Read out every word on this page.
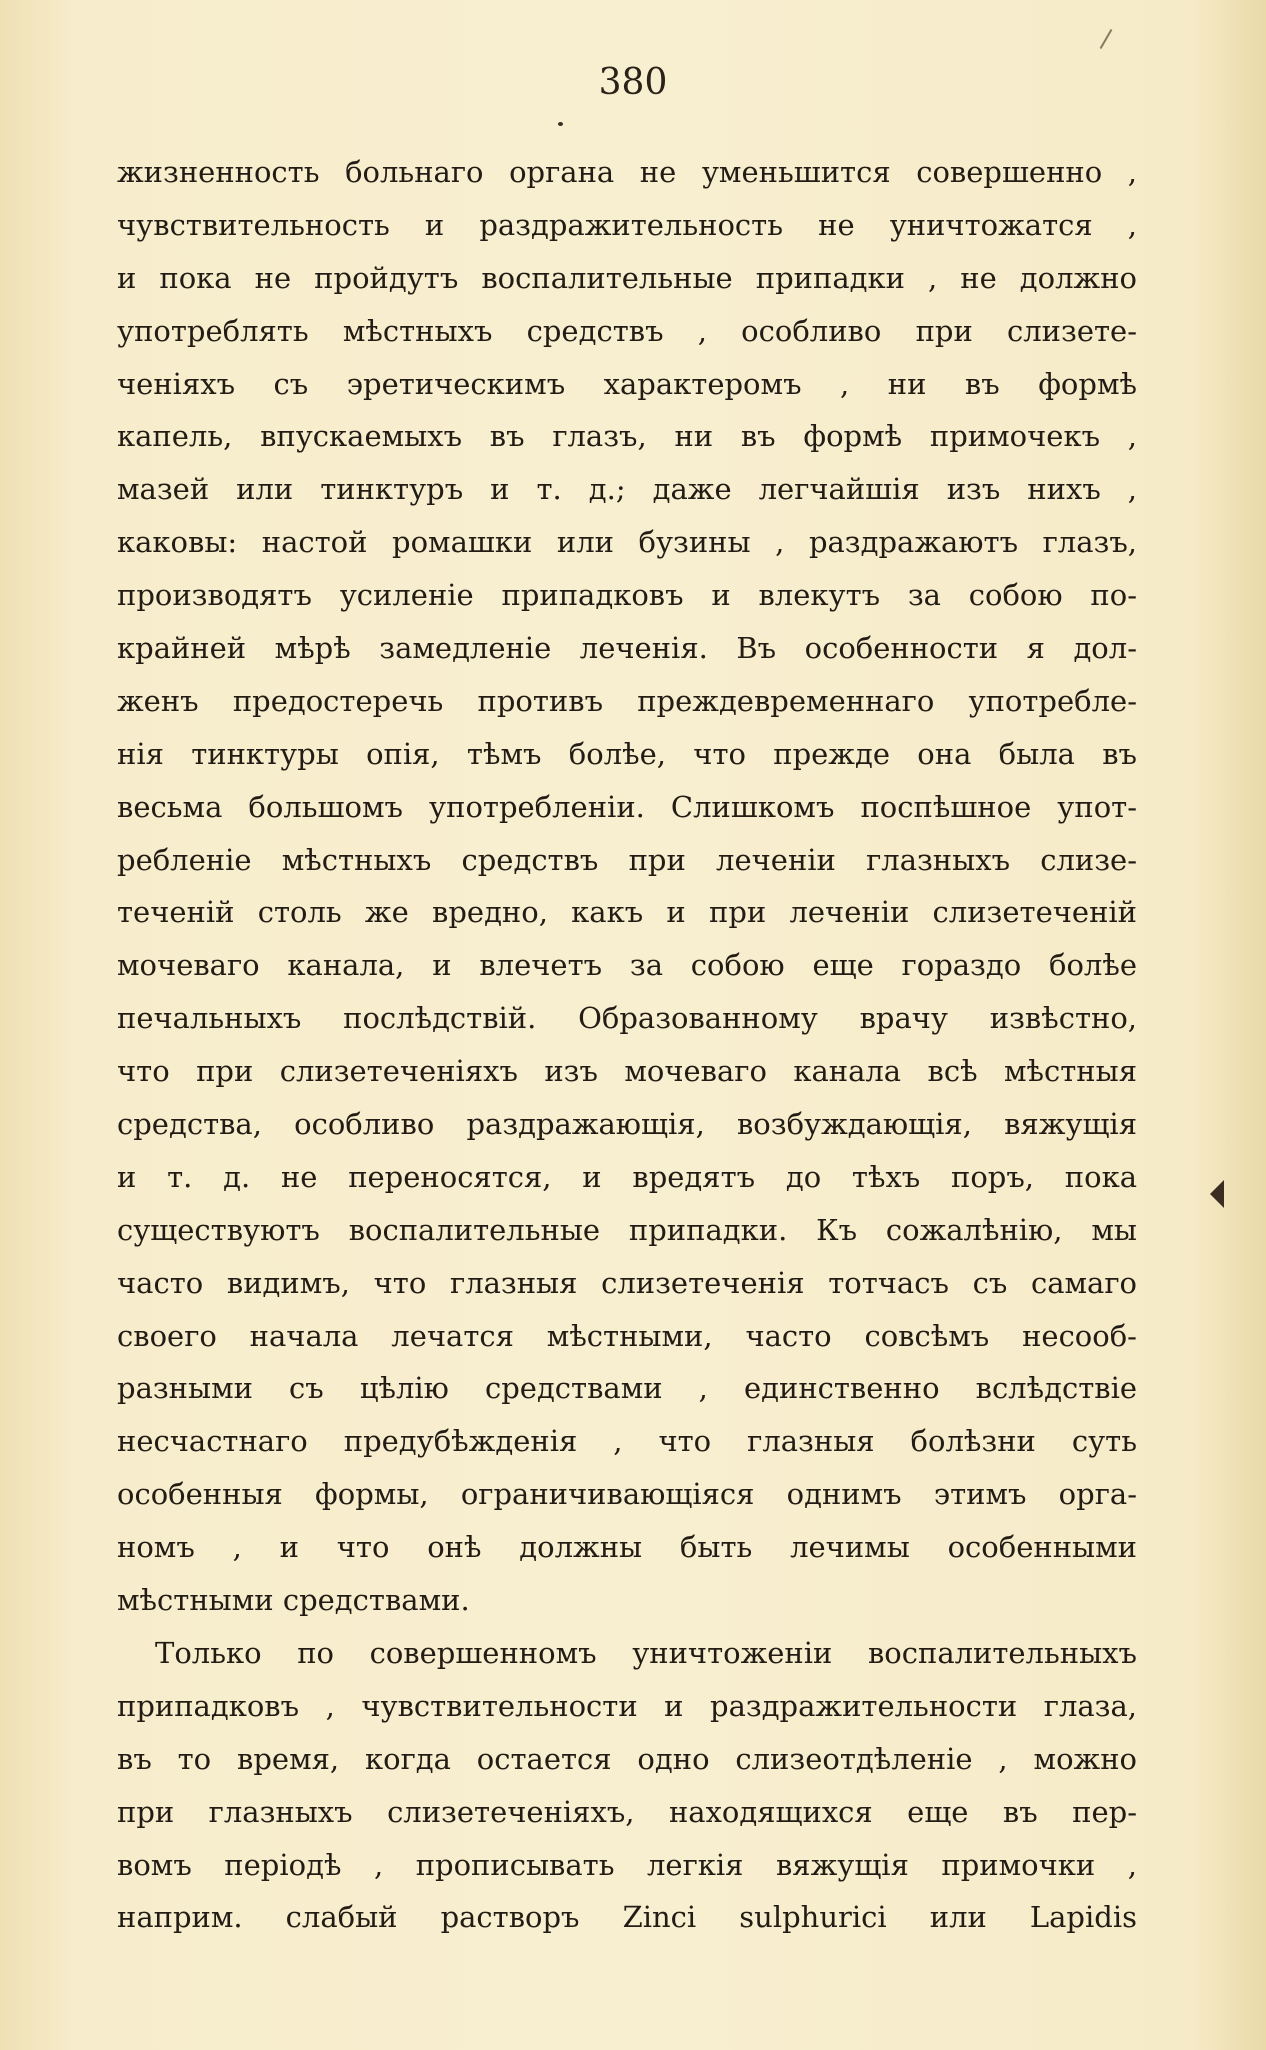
380
жизненность больнаго органа не уменьшится совершенно ,
чувствительность и раздражительность не уничтожатся ,
и пока не пройдутъ воспалительные припадки , не должно
употреблять мѣстныхъ средствъ , особливо при слизете-
ченіяхъ съ эретическимъ характеромъ , ни въ формѣ
капель, впускаемыхъ въ глазъ, ни въ формѣ примочекъ ,
мазей или тинктуръ и т. д.; даже легчайшія изъ нихъ ,
каковы: настой ромашки или бузины , раздражаютъ глазъ,
производятъ усиленіе припадковъ и влекутъ за собою по-
крайней мѣрѣ замедленіе леченія. Въ особенности я дол-
женъ предостеречь противъ преждевременнаго употребле-
нія тинктуры опія, тѣмъ болѣе, что прежде она была въ
весьма большомъ употребленіи. Слишкомъ поспѣшное упот-
ребленіе мѣстныхъ средствъ при леченіи глазныхъ слизе-
теченій столь же вредно, какъ и при леченіи слизетеченій
мочеваго канала, и влечетъ за собою еще гораздо болѣе
печальныхъ послѣдствій. Образованному врачу извѣстно,
что при слизетеченіяхъ изъ мочеваго канала всѣ мѣстныя
средства, особливо раздражающія, возбуждающія, вяжущія
и т. д. не переносятся, и вредятъ до тѣхъ поръ, пока
существуютъ воспалительные припадки. Къ сожалѣнію, мы
часто видимъ, что глазныя слизетеченія тотчасъ съ самаго
своего начала лечатся мѣстными, часто совсѣмъ несооб-
разными съ цѣлію средствами , единственно вслѣдствіе
несчастнаго предубѣжденія , что глазныя болѣзни суть
особенныя формы, ограничивающіяся однимъ этимъ орга-
номъ , и что онѣ должны быть лечимы особенными
мѣстными средствами.
Только по совершенномъ уничтоженіи воспалительныхъ
припадковъ , чувствительности и раздражительности глаза,
въ то время, когда остается одно слизеотдѣленіе , можно
при глазныхъ слизетеченіяхъ, находящихся еще въ пер-
вомъ періодѣ , прописывать легкія вяжущія примочки ,
наприм. слабый растворъ Zinci sulphurici или Lapidis
